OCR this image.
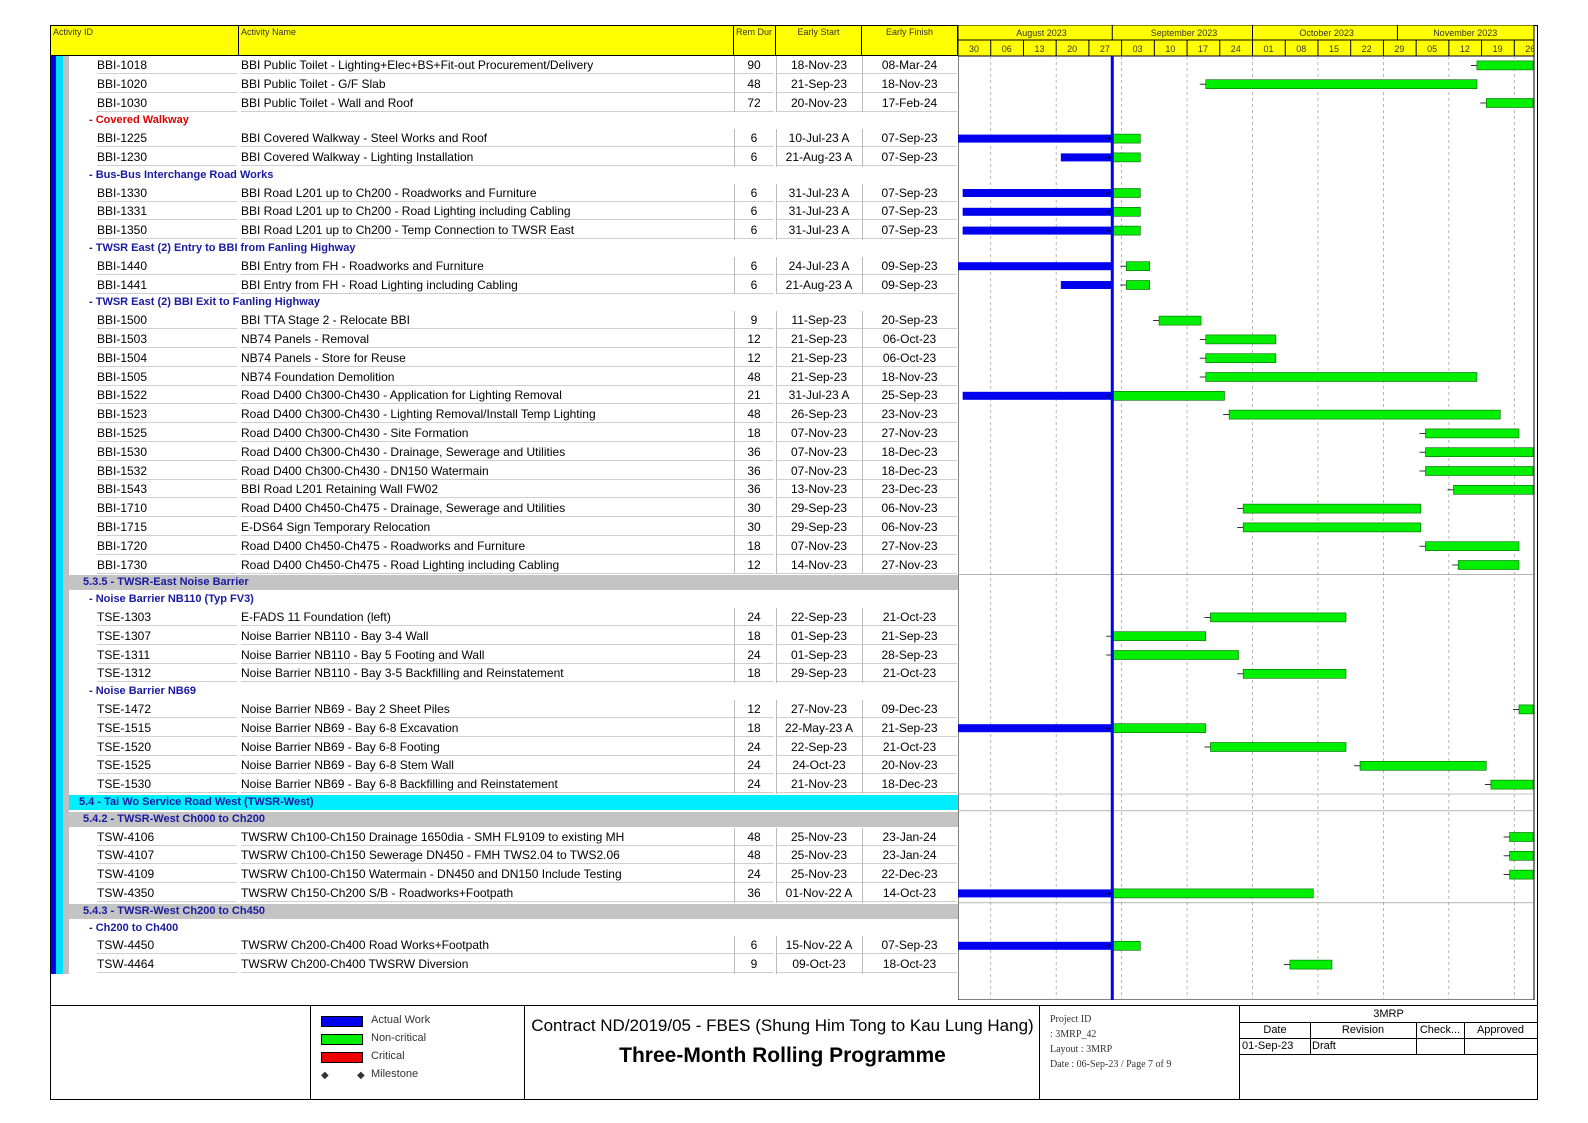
Activity ID	Activity Name	Rem Dur	Early Start	Early Finish
BBI-1018	BBI Public Toilet - Lighting+Elec+BS+Fit-out Procurement/Delivery	90	18-Nov-23	08-Mar-24
BBI-1020	BBI Public Toilet - G/F Slab	48	21-Sep-23	18-Nov-23
BBI-1030	BBI Public Toilet - Wall and Roof	72	20-Nov-23	17-Feb-24
- Covered Walkway
BBI-1225	BBI Covered Walkway - Steel Works and Roof	6	10-Jul-23 A	07-Sep-23
BBI-1230	BBI Covered Walkway - Lighting Installation	6	21-Aug-23 A	07-Sep-23
- Bus-Bus Interchange Road Works
BBI-1330	BBI Road L201 up to Ch200 - Roadworks and Furniture	6	31-Jul-23 A	07-Sep-23
BBI-1331	BBI Road L201 up to Ch200 - Road Lighting including Cabling	6	31-Jul-23 A	07-Sep-23
BBI-1350	BBI Road L201 up to Ch200 - Temp Connection to TWSR East	6	31-Jul-23 A	07-Sep-23
- TWSR East (2) Entry to BBI from Fanling Highway
BBI-1440	BBI Entry from FH - Roadworks and Furniture	6	24-Jul-23 A	09-Sep-23
BBI-1441	BBI Entry from FH - Road Lighting including Cabling	6	21-Aug-23 A	09-Sep-23
- TWSR East (2) BBI Exit to Fanling Highway
BBI-1500	BBI TTA Stage 2 - Relocate BBI	9	11-Sep-23	20-Sep-23
BBI-1503	NB74 Panels - Removal	12	21-Sep-23	06-Oct-23
BBI-1504	NB74 Panels - Store for Reuse	12	21-Sep-23	06-Oct-23
BBI-1505	NB74 Foundation Demolition	48	21-Sep-23	18-Nov-23
BBI-1522	Road D400 Ch300-Ch430 - Application for Lighting Removal	21	31-Jul-23 A	25-Sep-23
BBI-1523	Road D400 Ch300-Ch430 - Lighting Removal/Install Temp Lighting	48	26-Sep-23	23-Nov-23
BBI-1525	Road D400 Ch300-Ch430 - Site Formation	18	07-Nov-23	27-Nov-23
BBI-1530	Road D400 Ch300-Ch430 - Drainage, Sewerage and Utilities	36	07-Nov-23	18-Dec-23
BBI-1532	Road D400 Ch300-Ch430 - DN150 Watermain	36	07-Nov-23	18-Dec-23
BBI-1543	BBI Road L201 Retaining Wall FW02	36	13-Nov-23	23-Dec-23
BBI-1710	Road D400 Ch450-Ch475 - Drainage, Sewerage and Utilities	30	29-Sep-23	06-Nov-23
BBI-1715	E-DS64 Sign Temporary Relocation	30	29-Sep-23	06-Nov-23
BBI-1720	Road D400 Ch450-Ch475 - Roadworks and Furniture	18	07-Nov-23	27-Nov-23
BBI-1730	Road D400 Ch450-Ch475 - Road Lighting including Cabling	12	14-Nov-23	27-Nov-23
5.3.5 - TWSR-East Noise Barrier
- Noise Barrier NB110 (Typ FV3)
TSE-1303	E-FADS 11 Foundation (left)	24	22-Sep-23	21-Oct-23
TSE-1307	Noise Barrier NB110 - Bay 3-4 Wall	18	01-Sep-23	21-Sep-23
TSE-1311	Noise Barrier NB110 - Bay 5 Footing and Wall	24	01-Sep-23	28-Sep-23
TSE-1312	Noise Barrier NB110 - Bay 3-5 Backfilling and Reinstatement	18	29-Sep-23	21-Oct-23
- Noise Barrier NB69
TSE-1472	Noise Barrier NB69 - Bay 2 Sheet Piles	12	27-Nov-23	09-Dec-23
TSE-1515	Noise Barrier NB69 - Bay 6-8 Excavation	18	22-May-23 A	21-Sep-23
TSE-1520	Noise Barrier NB69 - Bay 6-8 Footing	24	22-Sep-23	21-Oct-23
TSE-1525	Noise Barrier NB69 - Bay 6-8 Stem Wall	24	24-Oct-23	20-Nov-23
TSE-1530	Noise Barrier NB69 - Bay 6-8 Backfilling and Reinstatement	24	21-Nov-23	18-Dec-23
5.4 - Tai Wo Service Road West (TWSR-West)
5.4.2 - TWSR-West Ch000 to Ch200
TSW-4106	TWSRW Ch100-Ch150 Drainage 1650dia - SMH FL9109 to existing MH	48	25-Nov-23	23-Jan-24
TSW-4107	TWSRW Ch100-Ch150 Sewerage DN450 - FMH TWS2.04 to TWS2.06	48	25-Nov-23	23-Jan-24
TSW-4109	TWSRW Ch100-Ch150 Watermain - DN450 and DN150 Include Testing	24	25-Nov-23	22-Dec-23
TSW-4350	TWSRW Ch150-Ch200 S/B - Roadworks+Footpath	36	01-Nov-22 A	14-Oct-23
5.4.3 - TWSR-West Ch200 to Ch450
- Ch200 to Ch400
TSW-4450	TWSRW Ch200-Ch400 Road Works+Footpath	6	15-Nov-22 A	07-Sep-23
TSW-4464	TWSRW Ch200-Ch400 TWSRW Diversion	9	09-Oct-23	18-Oct-23
August 2023	September 2023	October 2023	November 2023
30	06	13	20	27	03	10	17	24	01	08	15	22	29	05	12	19	26
Actual Work
Non-critical
Critical
◆	◆ Milestone
Contract ND/2019/05 - FBES (Shung Him Tong to Kau Lung Hang)
Three-Month Rolling Programme
Project ID
: 3MRP_42
Layout : 3MRP
Date : 06-Sep-23 / Page 7 of 9
3MRP
Date	Revision	Check...	Approved
01-Sep-23	Draft
